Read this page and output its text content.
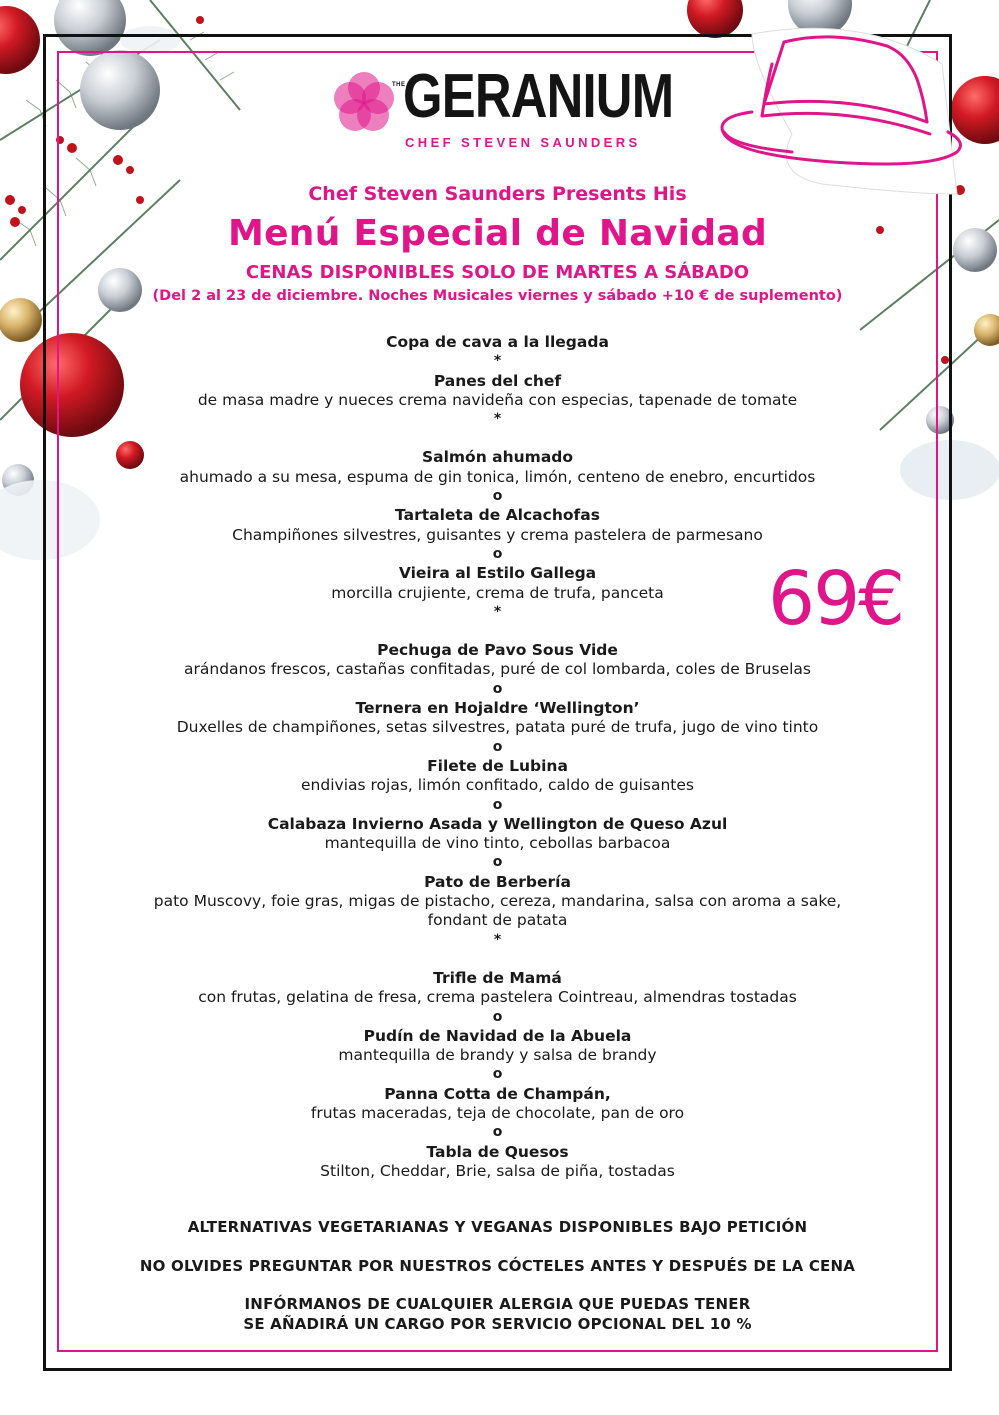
THE
GERANIUM
CHEF STEVEN SAUNDERS
Chef Steven Saunders Presents His
Menú Especial de Navidad
CENAS DISPONIBLES SOLO DE MARTES A SÁBADO
(Del 2 al 23 de diciembre. Noches Musicales viernes y sábado +10 € de suplemento)
Copa de cava a la llegada
*
Panes del chef
de masa madre y nueces crema navideña con especias, tapenade de tomate
*
Salmón ahumado
ahumado a su mesa, espuma de gin tonica, limón, centeno de enebro, encurtidos
o
Tartaleta de Alcachofas
Champiñones silvestres, guisantes y crema pastelera de parmesano
o
Vieira al Estilo Gallega
morcilla crujiente, crema de trufa, panceta
*
Pechuga de Pavo Sous Vide
arándanos frescos, castañas confitadas, puré de col lombarda, coles de Bruselas
o
Ternera en Hojaldre ‘Wellington’
Duxelles de champiñones, setas silvestres, patata puré de trufa, jugo de vino tinto
o
Filete de Lubina
endivias rojas, limón confitado, caldo de guisantes
o
Calabaza Invierno Asada y Wellington de Queso Azul
mantequilla de vino tinto, cebollas barbacoa
o
Pato de Berbería
pato Muscovy, foie gras, migas de pistacho, cereza, mandarina, salsa con aroma a sake,
fondant de patata
*
Trifle de Mamá
con frutas, gelatina de fresa, crema pastelera Cointreau, almendras tostadas
o
Pudín de Navidad de la Abuela
mantequilla de brandy y salsa de brandy
o
Panna Cotta de Champán,
frutas maceradas, teja de chocolate, pan de oro
o
Tabla de Quesos
Stilton, Cheddar, Brie, salsa de piña, tostadas
ALTERNATIVAS VEGETARIANAS Y VEGANAS DISPONIBLES BAJO PETICIÓN
NO OLVIDES PREGUNTAR POR NUESTROS CÓCTELES ANTES Y DESPUÉS DE LA CENA
INFÓRMANOS DE CUALQUIER ALERGIA QUE PUEDAS TENER
SE AÑADIRÁ UN CARGO POR SERVICIO OPCIONAL DEL 10 %
69€
